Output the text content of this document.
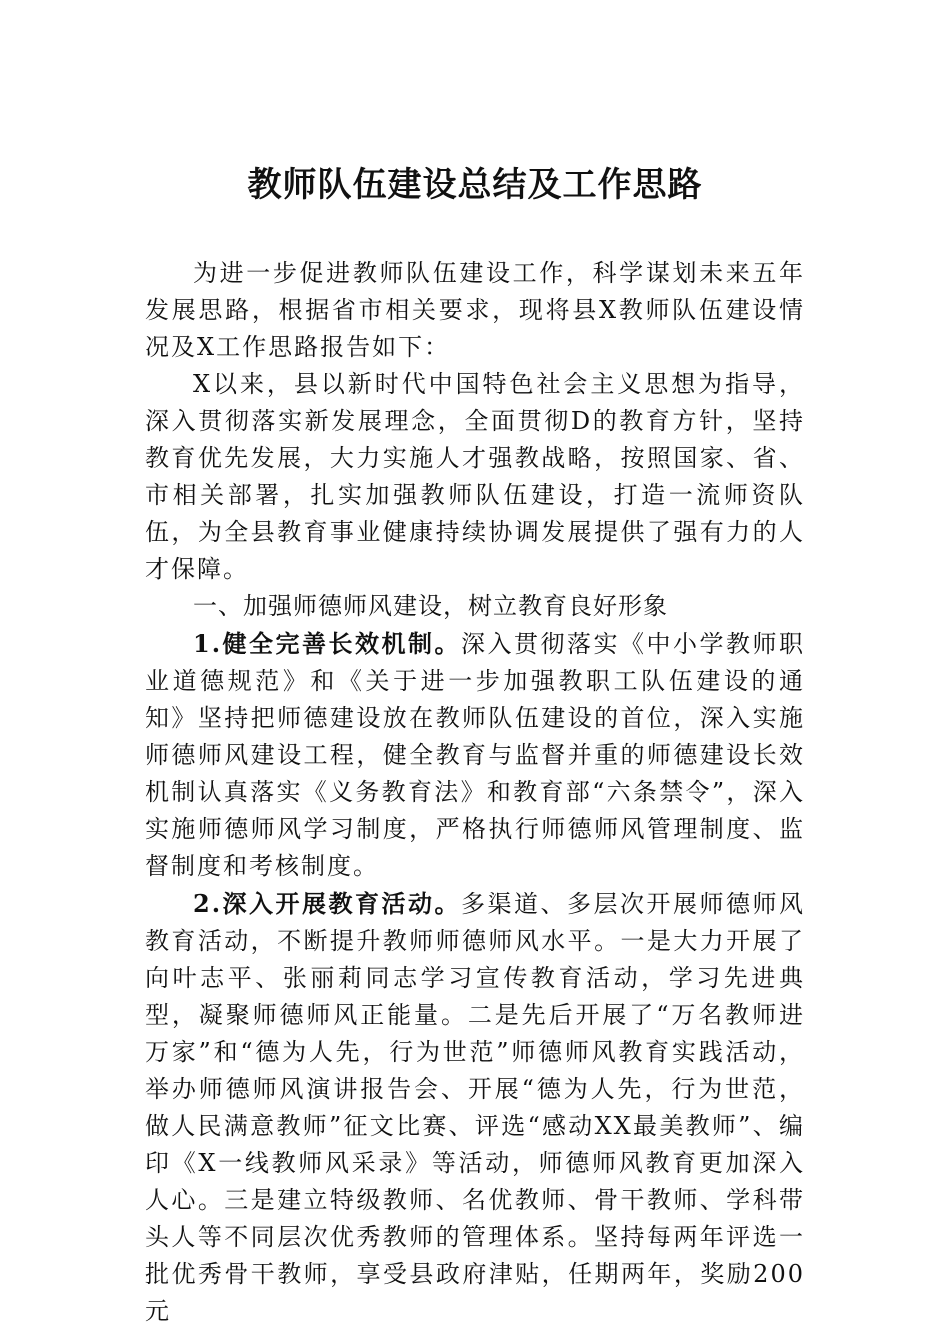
教师队伍建设总结及工作思路

为进一步促进教师队伍建设工作，科学谋划未来五年发展思路，根据省市相关要求，现将县X教师队伍建设情况及X工作思路报告如下：

X以来，县以新时代中国特色社会主义思想为指导，深入贯彻落实新发展理念，全面贯彻D的教育方针，坚持教育优先发展，大力实施人才强教战略，按照国家、省、市相关部署，扎实加强教师队伍建设，打造一流师资队伍，为全县教育事业健康持续协调发展提供了强有力的人才保障。

一、加强师德师风建设，树立教育良好形象

1.健全完善长效机制。深入贯彻落实《中小学教师职业道德规范》和《关于进一步加强教职工队伍建设的通知》坚持把师德建设放在教师队伍建设的首位，深入实施师德师风建设工程，健全教育与监督并重的师德建设长效机制认真落实《义务教育法》和教育部“六条禁令”，深入实施师德师风学习制度，严格执行师德师风管理制度、监督制度和考核制度。

2.深入开展教育活动。多渠道、多层次开展师德师风教育活动，不断提升教师师德师风水平。一是大力开展了向叶志平、张丽莉同志学习宣传教育活动，学习先进典型，凝聚师德师风正能量。二是先后开展了“万名教师进万家”和“德为人先，行为世范”师德师风教育实践活动，举办师德师风演讲报告会、开展“德为人先，行为世范，做人民满意教师”征文比赛、评选“感动XX最美教师”、编印《X一线教师风采录》等活动，师德师风教育更加深入人心。三是建立特级教师、名优教师、骨干教师、学科带头人等不同层次优秀教师的管理体系。坚持每两年评选一批优秀骨干教师，享受县政府津贴，任期两年，奖励200元
